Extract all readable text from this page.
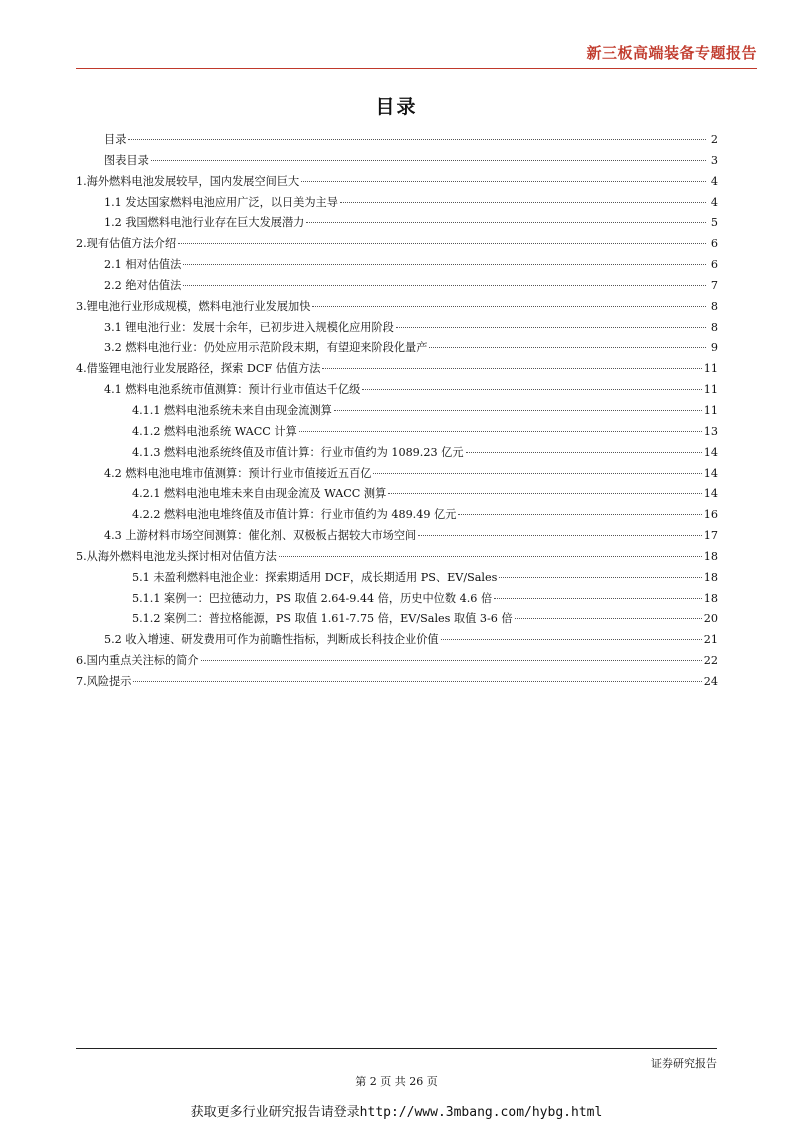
新三板高端装备专题报告
目录
目录	2
图表目录	3
1.海外燃料电池发展较早，国内发展空间巨大	4
1.1 发达国家燃料电池应用广泛，以日美为主导	4
1.2 我国燃料电池行业存在巨大发展潜力	5
2.现有估值方法介绍	6
2.1 相对估值法	6
2.2 绝对估值法	7
3.锂电池行业形成规模，燃料电池行业发展加快	8
3.1 锂电池行业：发展十余年，已初步进入规模化应用阶段	8
3.2 燃料电池行业：仍处应用示范阶段末期，有望迎来阶段化量产	9
4.借鉴锂电池行业发展路径，探索 DCF 估值方法	11
4.1 燃料电池系统市值测算：预计行业市值达千亿级	11
4.1.1 燃料电池系统未来自由现金流测算	11
4.1.2 燃料电池系统 WACC 计算	13
4.1.3 燃料电池系统终值及市值计算：行业市值约为 1089.23 亿元	14
4.2 燃料电池电堆市值测算：预计行业市值接近五百亿	14
4.2.1 燃料电池电堆未来自由现金流及 WACC 测算	14
4.2.2 燃料电池电堆终值及市值计算：行业市值约为 489.49 亿元	16
4.3 上游材料市场空间测算：催化剂、双极板占据较大市场空间	17
5.从海外燃料电池龙头探讨相对估值方法	18
5.1 未盈利燃料电池企业：探索期适用 DCF，成长期适用 PS、EV/Sales	18
5.1.1 案例一：巴拉德动力，PS 取值 2.64-9.44 倍，历史中位数 4.6 倍	18
5.1.2 案例二：普拉格能源，PS 取值 1.61-7.75 倍，EV/Sales 取值 3-6 倍	20
5.2 收入增速、研发费用可作为前瞻性指标，判断成长科技企业价值	21
6.国内重点关注标的简介	22
7.风险提示	24
证券研究报告
第 2 页 共 26 页
获取更多行业研究报告请登录http://www.3mbang.com/hybg.html
